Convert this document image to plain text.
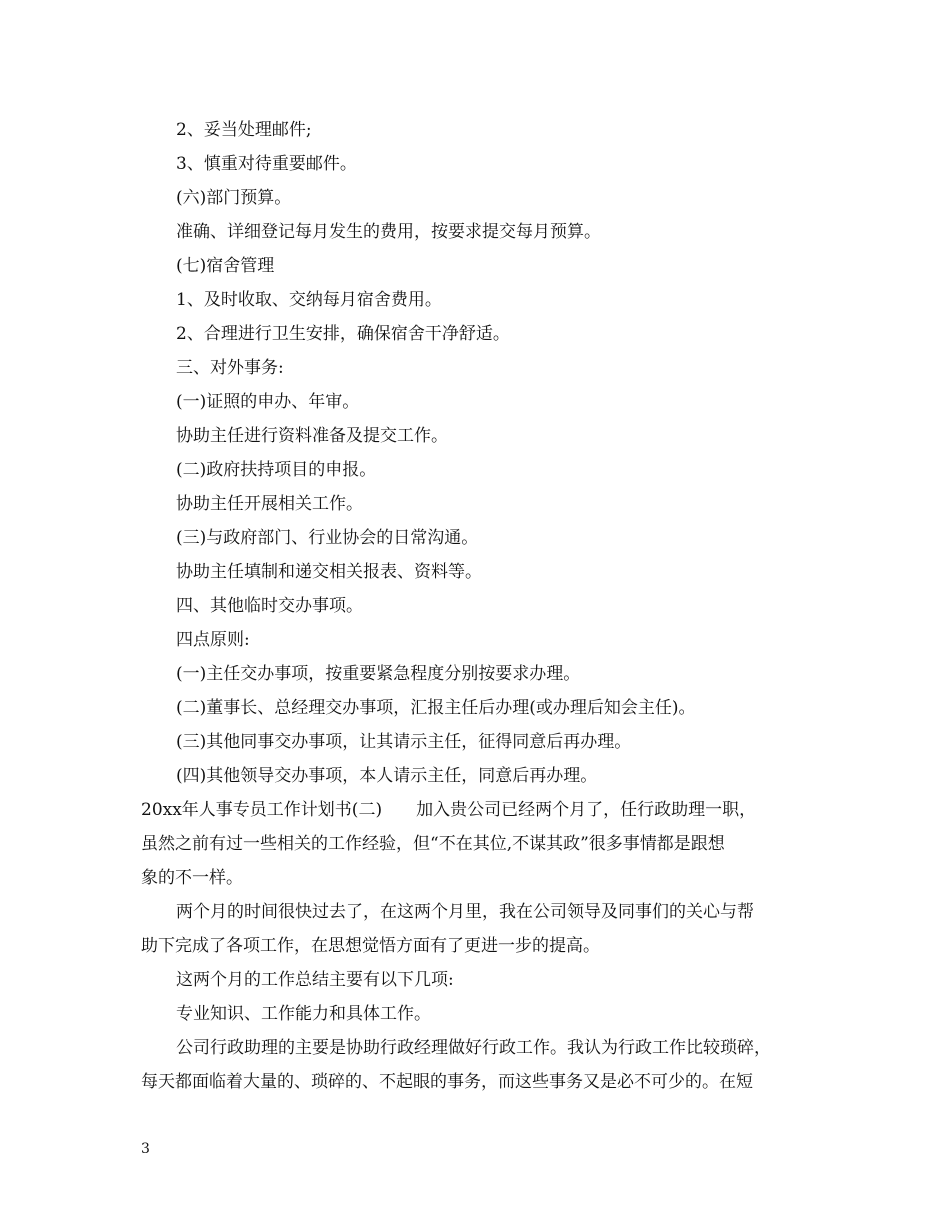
2、妥当处理邮件;
3、慎重对待重要邮件。
(六)部门预算。
准确、详细登记每月发生的费用，按要求提交每月预算。
(七)宿舍管理
1、及时收取、交纳每月宿舍费用。
2、合理进行卫生安排，确保宿舍干净舒适。
三、对外事务:
(一)证照的申办、年审。
协助主任进行资料准备及提交工作。
(二)政府扶持项目的申报。
协助主任开展相关工作。
(三)与政府部门、行业协会的日常沟通。
协助主任填制和递交相关报表、资料等。
四、其他临时交办事项。
四点原则:
(一)主任交办事项，按重要紧急程度分别按要求办理。
(二)董事长、总经理交办事项，汇报主任后办理(或办理后知会主任)。
(三)其他同事交办事项，让其请示主任，征得同意后再办理。
(四)其他领导交办事项，本人请示主任，同意后再办理。
20xx年人事专员工作计划书(二)　　加入贵公司已经两个月了，任行政助理一职，
虽然之前有过一些相关的工作经验，但“不在其位,不谋其政”很多事情都是跟想
象的不一样。
两个月的时间很快过去了，在这两个月里，我在公司领导及同事们的关心与帮
助下完成了各项工作，在思想觉悟方面有了更进一步的提高。
这两个月的工作总结主要有以下几项:
专业知识、工作能力和具体工作。
公司行政助理的主要是协助行政经理做好行政工作。我认为行政工作比较琐碎，
每天都面临着大量的、琐碎的、不起眼的事务，而这些事务又是必不可少的。在短
3
